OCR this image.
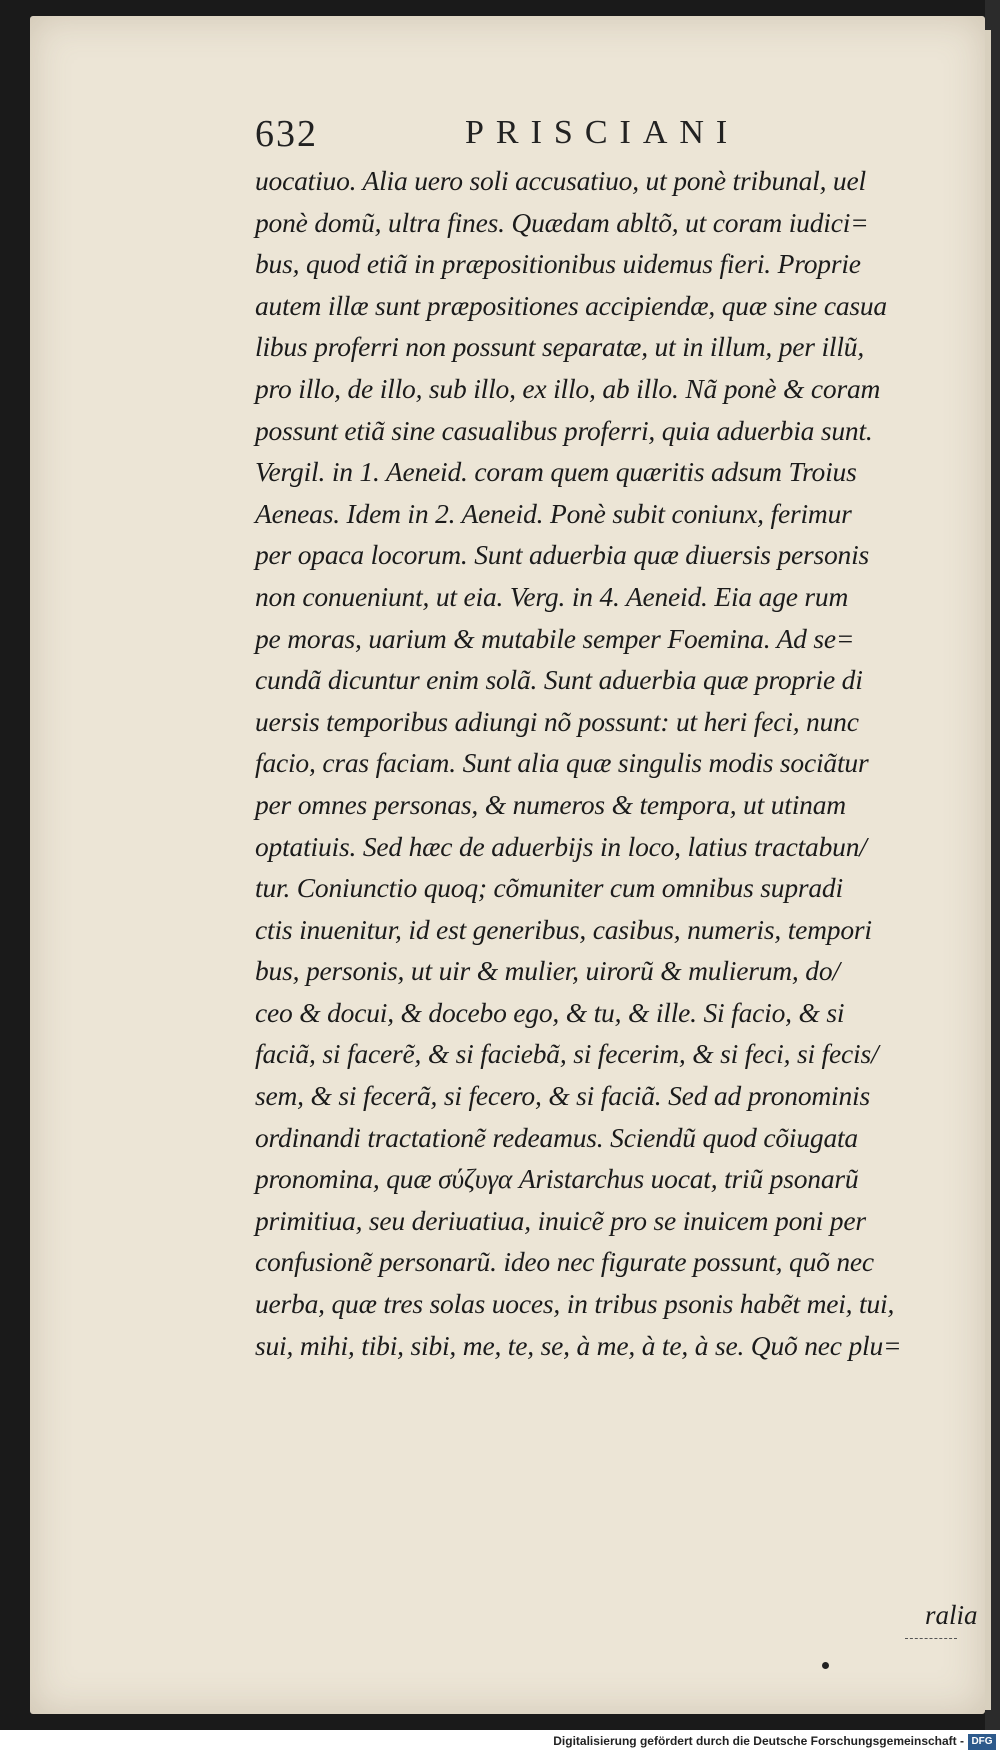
632	PRISCIANI
uocatiuo. Alia uero soli accusatiuo, ut ponè tribunal, uel
ponè domũ, ultra fines. Quædam abltõ, ut coram iudici=
bus, quod etiã in præpositionibus uidemus fieri. Proprie
autem illæ sunt præpositiones accipiendæ, quæ sine casua
libus proferri non possunt separatæ, ut in illum, per illũ,
pro illo, de illo, sub illo, ex illo, ab illo. Nã ponè & coram
possunt etiã sine casualibus proferri, quia aduerbia sunt.
Vergil. in 1. Aeneid. coram quem quæritis adsum Troius
Aeneas. Idem in 2. Aeneid. Ponè subit coniunx, ferimur
per opaca locorum. Sunt aduerbia quæ diuersis personis
non conueniunt, ut eia. Verg. in 4. Aeneid. Eia age rum
pe moras, uarium & mutabile semper Foemina. Ad se=
cundã dicuntur enim solã. Sunt aduerbia quæ proprie di
uersis temporibus adiungi nõ possunt: ut heri feci, nunc
facio, cras faciam. Sunt alia quæ singulis modis sociãtur
per omnes personas, & numeros & tempora, ut utinam
optatiuis. Sed hæc de aduerbijs in loco, latius tractabun/
tur. Coniunctio quoq; cõmuniter cum omnibus supradi
ctis inuenitur, id est generibus, casibus, numeris, tempori
bus, personis, ut uir & mulier, uirorũ & mulierum, do/
ceo & docui, & docebo ego, & tu, & ille. Si facio, & si
faciã, si facerẽ, & si faciebã, si fecerim, & si feci, si fecis/
sem, & si fecerã, si fecero, & si faciã. Sed ad pronominis
ordinandi tractationẽ redeamus. Sciendũ quod cõiugata
pronomina, quæ σύζυγα Aristarchus uocat, triũ psonarũ
primitiua, seu deriuatiua, inuicẽ pro se inuicem poni per
confusionẽ personarũ. ideo nec figurate possunt, quõ nec
uerba, quæ tres solas uoces, in tribus psonis habẽt mei, tui,
sui, mihi, tibi, sibi, me, te, se, à me, à te, à se. Quõ nec plu=
ralia
Digitalisierung gefördert durch die Deutsche Forschungsgemeinschaft - DFG
